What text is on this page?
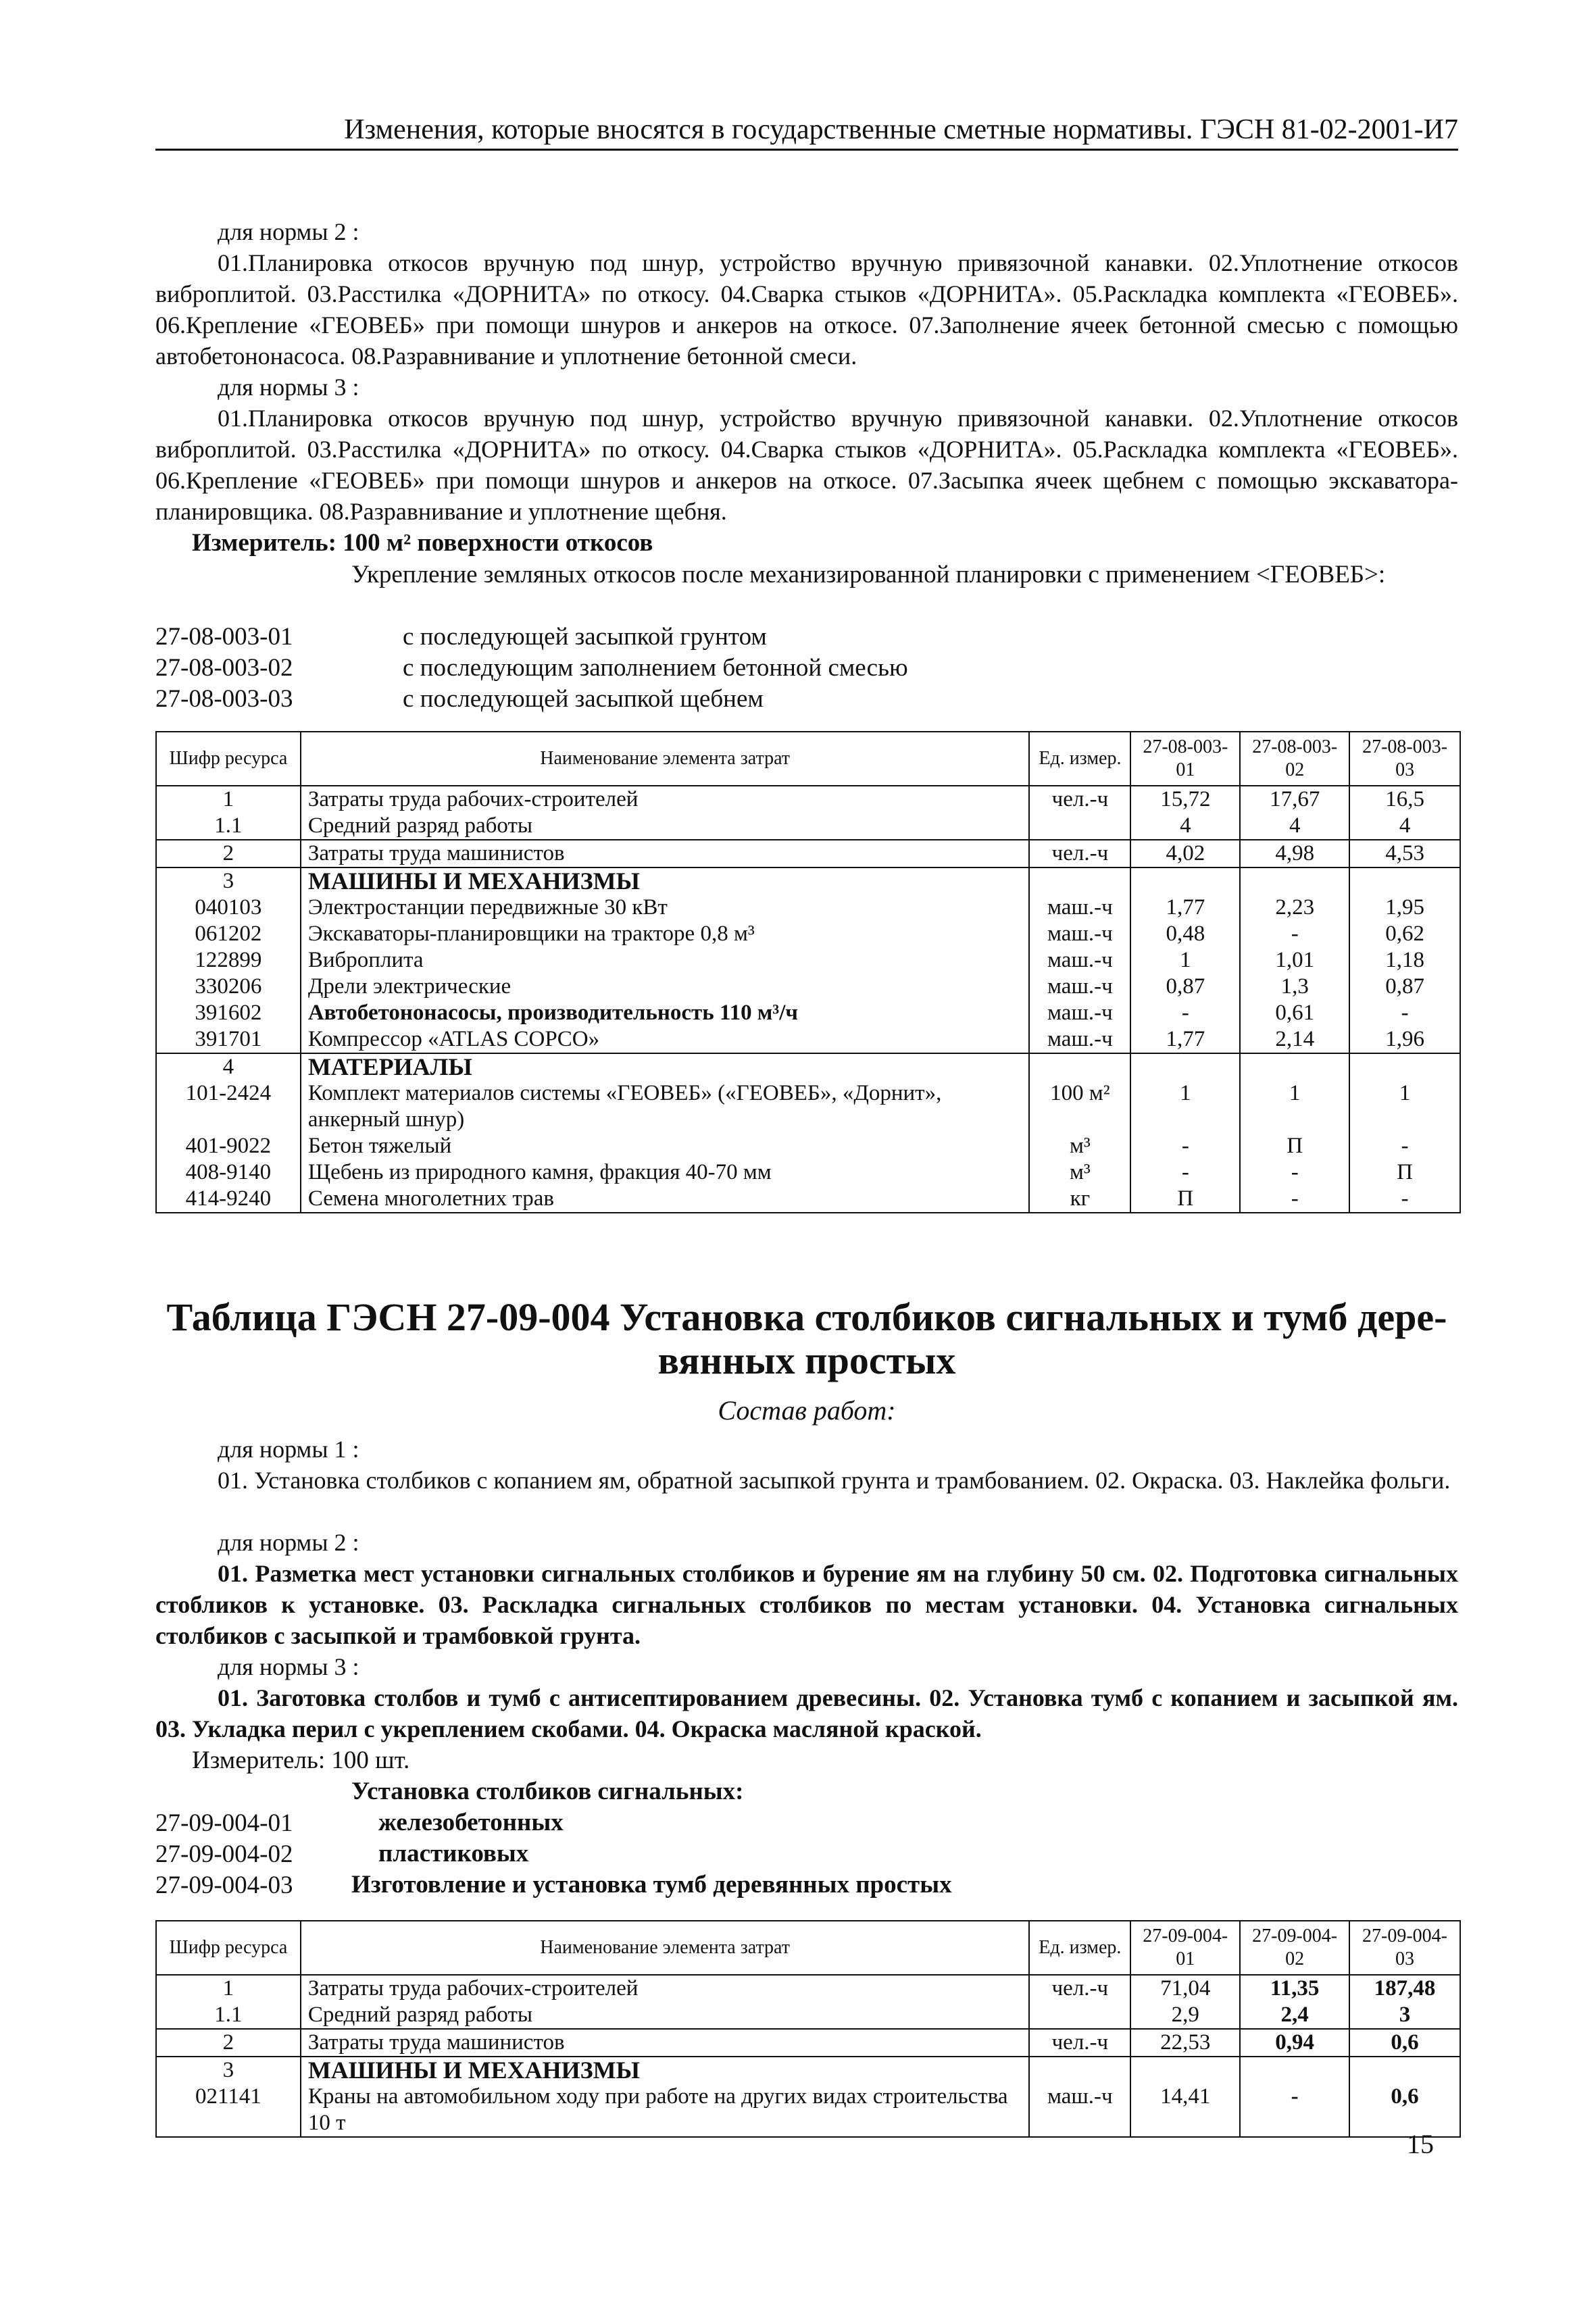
Изменения, которые вносятся в государственные сметные нормативы. ГЭСН 81-02-2001-И7
для нормы 2 :
01.Планировка откосов вручную под шнур, устройство вручную привязочной канавки. 02.Уплотнение откосов виброплитой. 03.Расстилка «ДОРНИТА» по откосу. 04.Сварка стыков «ДОРНИТА». 05.Раскладка комплекта «ГЕОВЕБ». 06.Крепление «ГЕОВЕБ» при помощи шнуров и анкеров на откосе. 07.Заполнение ячеек бетонной смесью с помощью автобетононасоса. 08.Разравнивание и уплотнение бетонной смеси.
для нормы 3 :
01.Планировка откосов вручную под шнур, устройство вручную привязочной канавки. 02.Уплотнение откосов виброплитой. 03.Расстилка «ДОРНИТА» по откосу. 04.Сварка стыков «ДОРНИТА». 05.Раскладка комплекта «ГЕОВЕБ». 06.Крепление «ГЕОВЕБ» при помощи шнуров и анкеров на откосе. 07.Засыпка ячеек щебнем с помощью экскаватора-планировщика. 08.Разравнивание и уплотнение щебня.
Измеритель: 100 м² поверхности откосов
Укрепление земляных откосов после механизированной планировки с применением <ГЕОВЕБ>:
27-08-003-01	с последующей засыпкой грунтом
27-08-003-02	с последующим заполнением бетонной смесью
27-08-003-03	с последующей засыпкой щебнем
Шифр ресурса	Наименование элемента затрат	Ед. измер.	27-08-003-01	27-08-003-02	27-08-003-03
1	Затраты труда рабочих-строителей	чел.-ч	15,72	17,67	16,5
1.1	Средний разряд работы		4	4	4
2	Затраты труда машинистов	чел.-ч	4,02	4,98	4,53
3	МАШИНЫ И МЕХАНИЗМЫ				
040103	Электростанции передвижные 30 кВт	маш.-ч	1,77	2,23	1,95
061202	Экскаваторы-планировщики на тракторе 0,8 м³	маш.-ч	0,48	-	0,62
122899	Виброплита	маш.-ч	1	1,01	1,18
330206	Дрели электрические	маш.-ч	0,87	1,3	0,87
391602	Автобетононасосы, производительность 110 м³/ч	маш.-ч	-	0,61	-
391701	Компрессор «ATLAS COPCO»	маш.-ч	1,77	2,14	1,96
4	МАТЕРИАЛЫ				
101-2424	Комплект материалов системы «ГЕОВЕБ» («ГЕОВЕБ», «Дорнит», анкерный шнур)	100 м²	1	1	1
401-9022	Бетон тяжелый	м³	-	П	-
408-9140	Щебень из природного камня, фракция 40-70 мм	м³	-	-	П
414-9240	Семена многолетних трав	кг	П	-	-
Таблица ГЭСН 27-09-004 Установка столбиков сигнальных и тумб дере-
вянных простых
Состав работ:
для нормы 1 :
01. Установка столбиков с копанием ям, обратной засыпкой грунта и трамбованием. 02. Окраска. 03. Наклейка фольги.
для нормы 2 :
01. Разметка мест установки сигнальных столбиков и бурение ям на глубину 50 см. 02. Подготовка сигнальных стобликов к установке. 03. Раскладка сигнальных столбиков по местам установки. 04. Установка сигнальных столбиков с засыпкой и трамбовкой грунта.
для нормы 3 :
01. Заготовка столбов и тумб с антисептированием древесины. 02. Установка тумб с копанием и засыпкой ям. 03. Укладка перил с укреплением скобами. 04. Окраска масляной краской.
Измеритель: 100 шт.
Установка столбиков сигнальных:
27-09-004-01	железобетонных
27-09-004-02	пластиковых
27-09-004-03 Изготовление и установка тумб деревянных простых
Шифр ресурса	Наименование элемента затрат	Ед. измер.	27-09-004-01	27-09-004-02	27-09-004-03
1	Затраты труда рабочих-строителей	чел.-ч	71,04	11,35	187,48
1.1	Средний разряд работы		2,9	2,4	3
2	Затраты труда машинистов	чел.-ч	22,53	0,94	0,6
3	МАШИНЫ И МЕХАНИЗМЫ				
021141	Краны на автомобильном ходу при работе на других видах строительства 10 т	маш.-ч	14,41	-	0,6
15
